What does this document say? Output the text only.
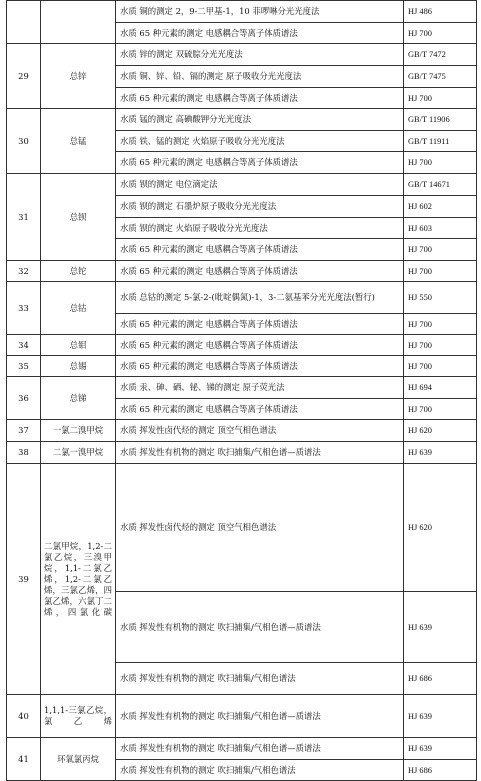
		水质 铜的测定 2，9-二甲基-1，10 菲啰啉分光光度法	HJ 486
		水质 65 种元素的测定 电感耦合等离子体质谱法	HJ 700
29	总锌	水质 锌的测定 双硫腙分光光度法	GB/T 7472
		水质 铜、锌、铅、镉的测定 原子吸收分光光度法	GB/T 7475
		水质 65 种元素的测定 电感耦合等离子体质谱法	HJ 700
30	总锰	水质 锰的测定 高碘酸钾分光光度法	GB/T 11906
		水质 铁、锰的测定 火焰原子吸收分光光度法	GB/T 11911
		水质 65 种元素的测定 电感耦合等离子体质谱法	HJ 700
31	总钡	水质 钡的测定 电位滴定法	GB/T 14671
		水质 钡的测定 石墨炉原子吸收分光光度法	HJ 602
		水质 钡的测定 火焰原子吸收分光光度法	HJ 603
		水质 65 种元素的测定 电感耦合等离子体质谱法	HJ 700
32	总铊	水质 65 种元素的测定 电感耦合等离子体质谱法	HJ 700
33	总钴	水质 总钴的测定 5-氯-2-(吡啶偶氮)-1，3-二氨基苯分光光度法(暂行)	HJ 550
		水质 65 种元素的测定 电感耦合等离子体质谱法	HJ 700
34	总钼	水质 65 种元素的测定 电感耦合等离子体质谱法	HJ 700
35	总锡	水质 65 种元素的测定 电感耦合等离子体质谱法	HJ 700
36	总锑	水质 汞、砷、硒、铋、锑的测定 原子荧光法	HJ 694
		水质 65 种元素的测定 电感耦合等离子体质谱法	HJ 700
37	一氯二溴甲烷	水质 挥发性卤代烃的测定 顶空气相色谱法	HJ 620
38	二氯一溴甲烷	水质 挥发性有机物的测定 吹扫捕集/气相色谱—质谱法	HJ 639
39	二氯甲烷，1,2-二氯乙烷，三溴甲烷，1,1-二氯乙烯，1,2-二氯乙烯，三氯乙烯，四氯乙烯，六氯丁二烯，四氯化碳	水质 挥发性卤代烃的测定 顶空气相色谱法	HJ 620
		水质 挥发性有机物的测定 吹扫捕集/气相色谱—质谱法	HJ 639
		水质 挥发性有机物的测定 吹扫捕集/气相色谱法	HJ 686
40	1,1,1-三氯乙烷，氯乙烯	水质 挥发性有机物的测定 吹扫捕集/气相色谱—质谱法	HJ 639
41	环氧氯丙烷	水质 挥发性有机物的测定 吹扫捕集/气相色谱—质谱法	HJ 639
		水质 挥发性有机物的测定 吹扫捕集/气相色谱法	HJ 686
